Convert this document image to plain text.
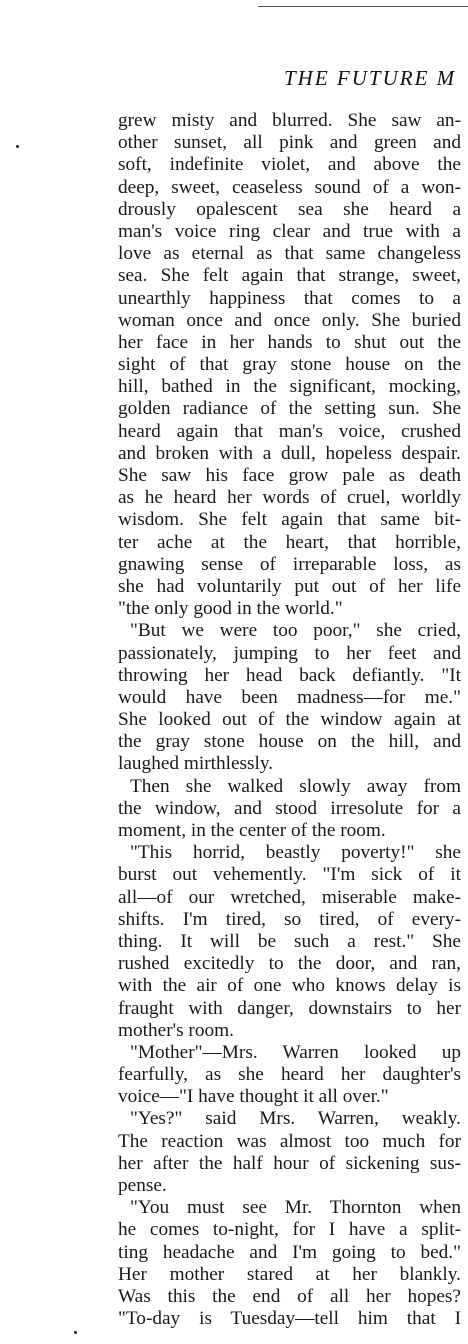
THE FUTURE M
grew misty and blurred. She saw an-
other sunset, all pink and green and
soft, indefinite violet, and above the
deep, sweet, ceaseless sound of a won-
drously opalescent sea she heard a
man's voice ring clear and true with a
love as eternal as that same changeless
sea. She felt again that strange, sweet,
unearthly happiness that comes to a
woman once and once only. She buried
her face in her hands to shut out the
sight of that gray stone house on the
hill, bathed in the significant, mocking,
golden radiance of the setting sun. She
heard again that man's voice, crushed
and broken with a dull, hopeless despair.
She saw his face grow pale as death
as he heard her words of cruel, worldly
wisdom. She felt again that same bit-
ter ache at the heart, that horrible,
gnawing sense of irreparable loss, as
she had voluntarily put out of her life
"the only good in the world."
"But we were too poor," she cried,
passionately, jumping to her feet and
throwing her head back defiantly. "It
would have been madness—for me."
She looked out of the window again at
the gray stone house on the hill, and
laughed mirthlessly.
Then she walked slowly away from
the window, and stood irresolute for a
moment, in the center of the room.
"This horrid, beastly poverty!" she
burst out vehemently. "I'm sick of it
all—of our wretched, miserable make-
shifts. I'm tired, so tired, of every-
thing. It will be such a rest." She
rushed excitedly to the door, and ran,
with the air of one who knows delay is
fraught with danger, downstairs to her
mother's room.
"Mother"—Mrs. Warren looked up
fearfully, as she heard her daughter's
voice—"I have thought it all over."
"Yes?" said Mrs. Warren, weakly.
The reaction was almost too much for
her after the half hour of sickening sus-
pense.
"You must see Mr. Thornton when
he comes to-night, for I have a split-
ting headache and I'm going to bed."
Her mother stared at her blankly.
Was this the end of all her hopes?
"To-day is Tuesday—tell him that I
